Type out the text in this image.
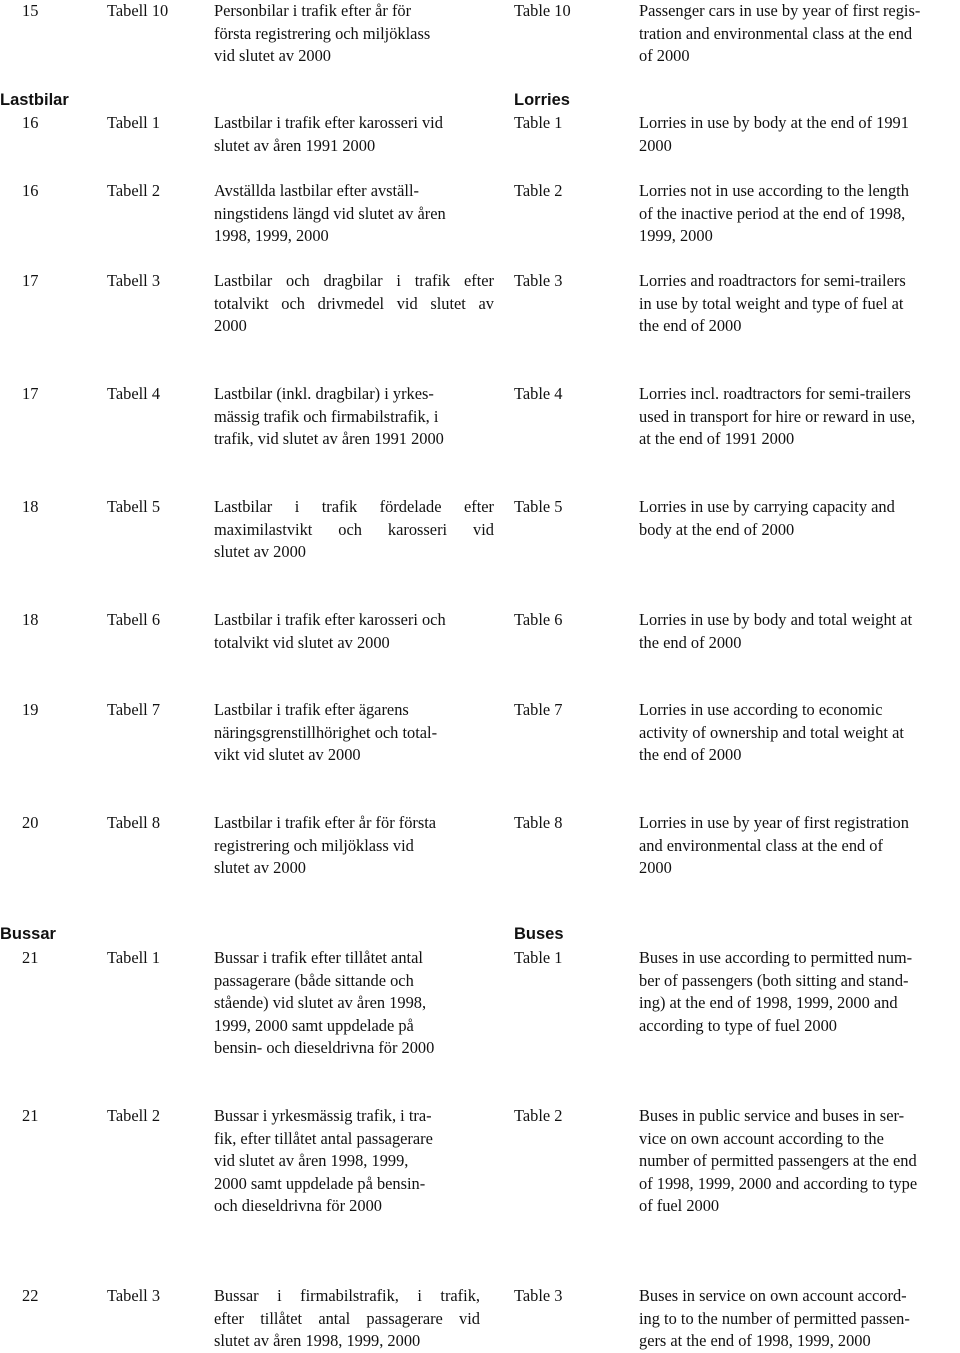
Lastbilar	Lorries
Bussar	Buses
15	Tabell 10	Personbilar i trafik efter år för
första registrering och miljöklass
vid slutet av 2000
Table 10	Passenger cars in use by year of first regis-
tration and environmental class at the end
of 2000
16	Tabell 1	Lastbilar i trafik efter karosseri vid
slutet av åren 1991 2000
Table 1	Lorries in use by body at the end of 1991
2000
16	Tabell 2	Avställda lastbilar efter avställ-
ningstidens längd vid slutet av åren
1998, 1999, 2000
Table 2	Lorries not in use according to the length
of the inactive period at the end of 1998,
1999, 2000
17	Tabell 3	Lastbilar och dragbilar i trafik efter
totalvikt och drivmedel vid slutet av
2000
Table 3	Lorries and roadtractors for semi-trailers
in use by total weight and type of fuel at
the end of 2000
17	Tabell 4	Lastbilar (inkl. dragbilar) i yrkes-
mässig trafik och firmabilstrafik, i
trafik, vid slutet av åren 1991 2000
Table 4	Lorries incl. roadtractors for semi-trailers
used in transport for hire or reward in use,
at the end of 1991 2000
18	Tabell 5	Lastbilar i trafik fördelade efter
maximilastvikt och karosseri vid
slutet av 2000
Table 5	Lorries in use by carrying capacity and
body at the end of 2000
18	Tabell 6	Lastbilar i trafik efter karosseri och
totalvikt vid slutet av 2000
Table 6	Lorries in use by body and total weight at
the end of 2000
19	Tabell 7	Lastbilar i trafik efter ägarens
näringsgrenstillhörighet och total-
vikt vid slutet av 2000
Table 7	Lorries in use according to economic
activity of ownership and total weight at
the end of 2000
20	Tabell 8	Lastbilar i trafik efter år för första
registrering och miljöklass vid
slutet av 2000
Table 8	Lorries in use by year of first registration
and environmental class at the end of
2000
21	Tabell 1	Bussar i trafik efter tillåtet antal
passagerare (både sittande och
stående) vid slutet av åren 1998,
1999, 2000 samt uppdelade på
bensin- och dieseldrivna för 2000
Table 1	Buses in use according to permitted num-
ber of passengers (both sitting and stand-
ing) at the end of 1998, 1999, 2000 and
according to type of fuel 2000
21	Tabell 2	Bussar i yrkesmässig trafik, i tra-
fik, efter tillåtet antal passagerare
vid slutet av åren 1998, 1999,
2000 samt uppdelade på bensin-
och dieseldrivna för 2000
Table 2	Buses in public service and buses in ser-
vice on own account according to the
number of permitted passengers at the end
of 1998, 1999, 2000 and according to type
of fuel 2000
22	Tabell 3	Bussar i firmabilstrafik, i trafik,
efter tillåtet antal passagerare vid
slutet av åren 1998, 1999, 2000
Table 3	Buses in service on own account accord-
ing to to the number of permitted passen-
gers at the end of 1998, 1999, 2000
